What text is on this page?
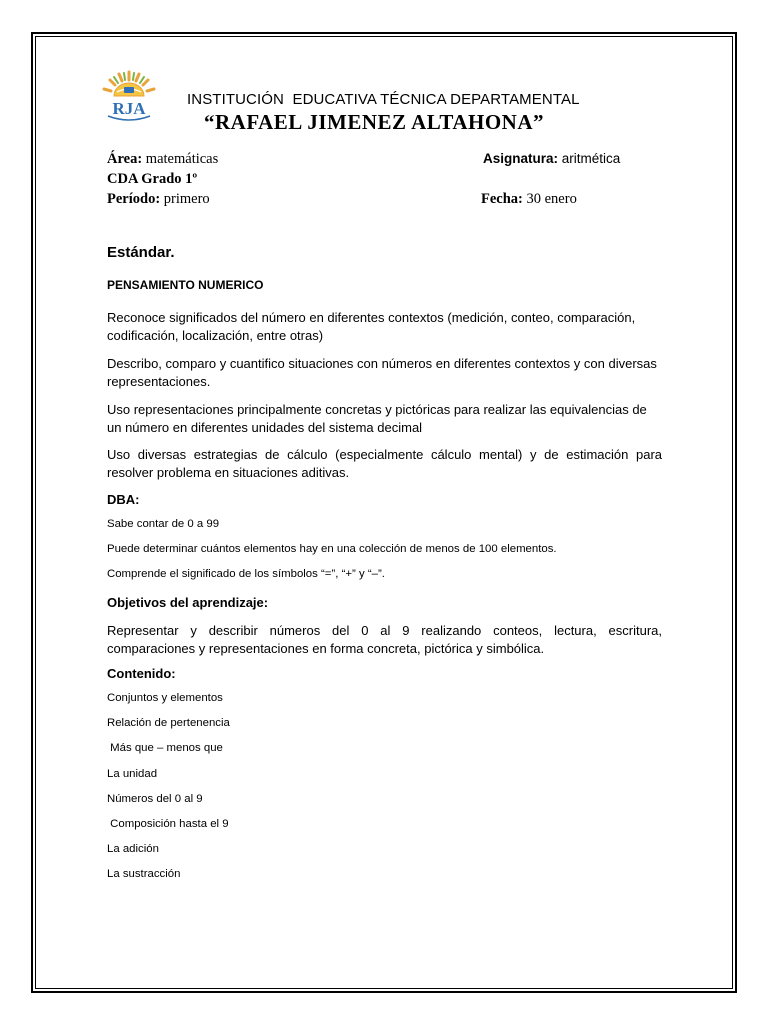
RJA	INSTITUCIÓN  EDUCATIVA TÉCNICA DEPARTAMENTAL
“RAFAEL JIMENEZ ALTAHONA”
Área: matemáticas	Asignatura: aritmética
CDA Grado 1º
Período: primero	Fecha: 30 enero
Estándar.
PENSAMIENTO NUMERICO
Reconoce significados del número en diferentes contextos (medición, conteo, comparación, codificación, localización, entre otras)
Describo, comparo y cuantifico situaciones con números en diferentes contextos y con diversas representaciones.
Uso representaciones principalmente concretas y pictóricas para realizar las equivalencias de un número en diferentes unidades del sistema decimal
Uso diversas estrategias de cálculo (especialmente cálculo mental) y de estimación para resolver problema en situaciones aditivas.
DBA:
Sabe contar de 0 a 99
Puede determinar cuántos elementos hay en una colección de menos de 100 elementos.
Comprende el significado de los símbolos “=”, “+” y “–”.
Objetivos del aprendizaje:
Representar y describir números del 0 al 9 realizando conteos, lectura, escritura, comparaciones y representaciones en forma concreta, pictórica y simbólica.
Contenido:
Conjuntos y elementos
Relación de pertenencia
Más que – menos que
La unidad
Números del 0 al 9
Composición hasta el 9
La adición
La sustracción
